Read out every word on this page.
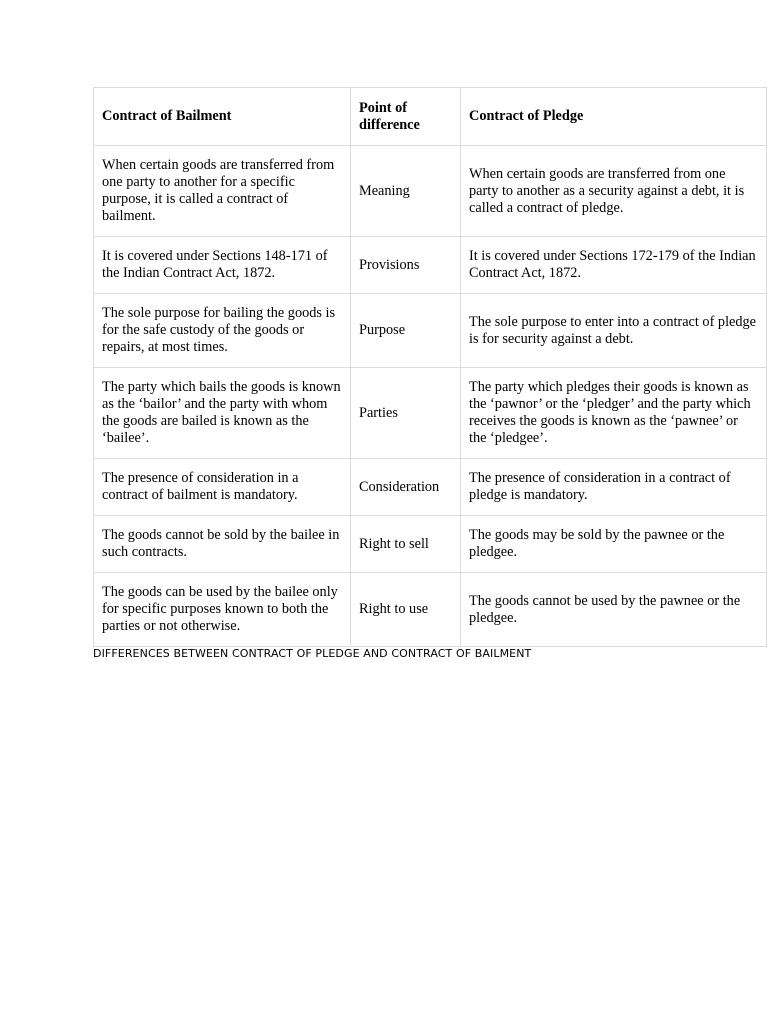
Contract of Bailment	Point of difference	Contract of Pledge
When certain goods are transferred from one party to another for a specific purpose, it is called a contract of bailment.	Meaning	When certain goods are transferred from one party to another as a security against a debt, it is called a contract of pledge.
It is covered under Sections 148-171 of the Indian Contract Act, 1872.	Provisions	It is covered under Sections 172-179 of the Indian Contract Act, 1872.
The sole purpose for bailing the goods is for the safe custody of the goods or repairs, at most times.	Purpose	The sole purpose to enter into a contract of pledge is for security against a debt.
The party which bails the goods is known as the ‘bailor’ and the party with whom the goods are bailed is known as the ‘bailee’.	Parties	The party which pledges their goods is known as the ‘pawnor’ or the ‘pledger’ and the party which receives the goods is known as the ‘pawnee’ or the ‘pledgee’.
The presence of consideration in a contract of bailment is mandatory.	Consideration	The presence of consideration in a contract of pledge is mandatory.
The goods cannot be sold by the bailee in such contracts.	Right to sell	The goods may be sold by the pawnee or the pledgee.
The goods can be used by the bailee only for specific purposes known to both the parties or not otherwise.	Right to use	The goods cannot be used by the pawnee or the pledgee.
DIFFERENCES BETWEEN CONTRACT OF PLEDGE AND CONTRACT OF BAILMENT
